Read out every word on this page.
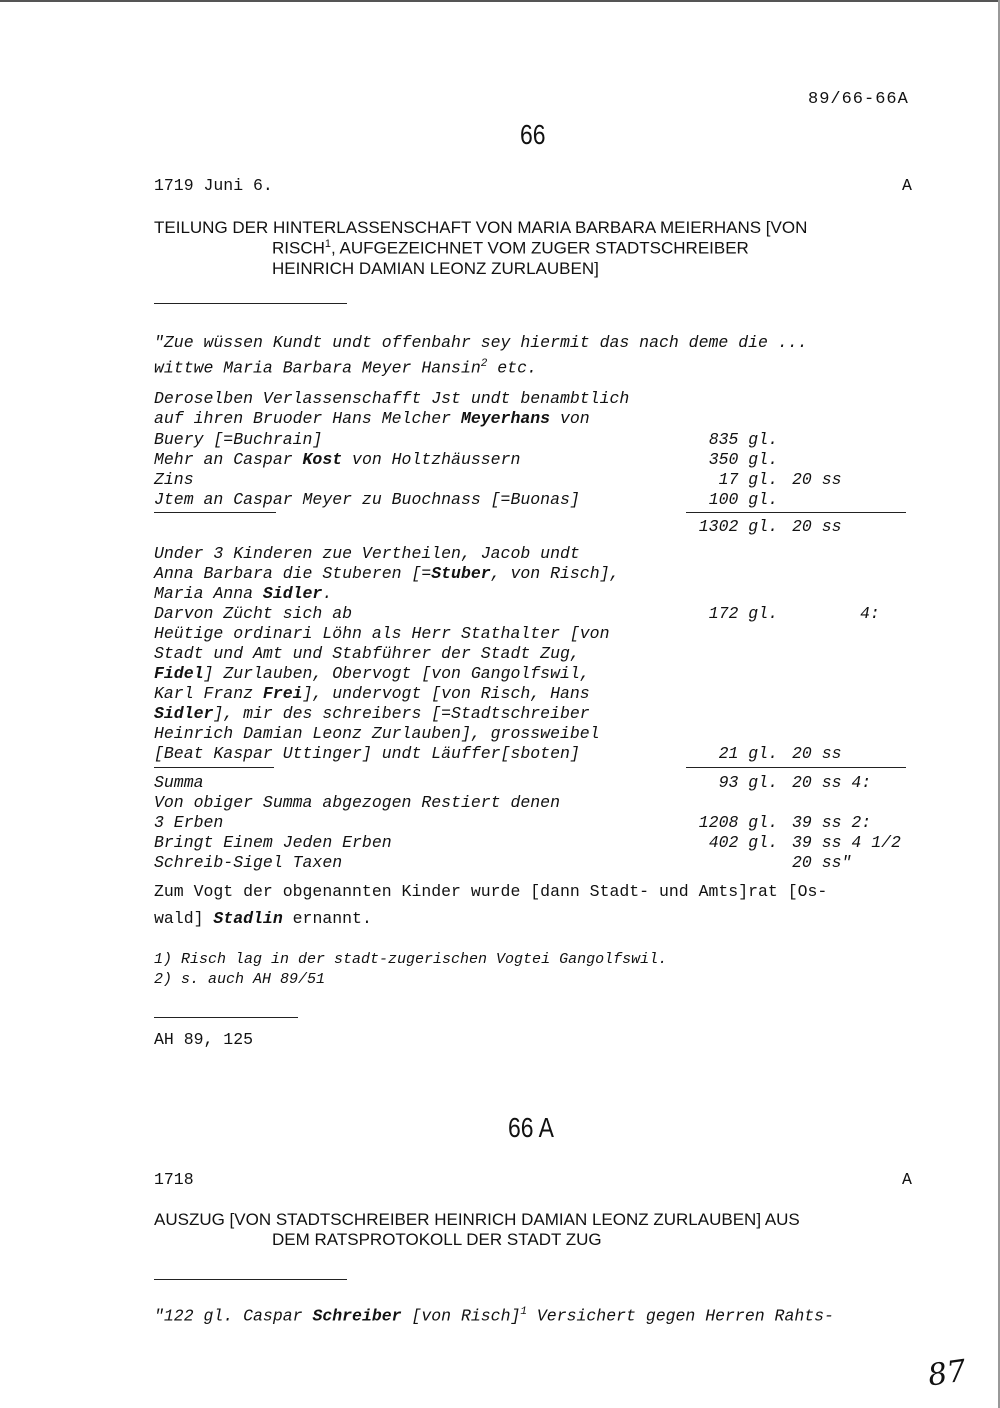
89/66-66A
66
1719 Juni 6.	A
TEILUNG DER HINTERLASSENSCHAFT VON MARIA BARBARA MEIERHANS [VON
RISCH$^1$, AUFGEZEICHNET VOM ZUGER STADTSCHREIBER
HEINRICH DAMIAN LEONZ ZURLAUBEN]
"Zue wüssen Kundt undt offenbahr sey hiermit das nach deme die ...
wittwe Maria Barbara Meyer Hansin$^2$ etc.
Deroselben Verlassenschafft Jst undt benambtlich
auf ihren Bruoder Hans Melcher Meyerhans von
Buery [=Buchrain]	835 gl.
Mehr an Caspar Kost von Holtzhäussern	350 gl.
Zins	17 gl. 20 ss
Jtem an Caspar Meyer zu Buochnass [=Buonas]	100 gl.
1302 gl. 20 ss
Under 3 Kinderen zue Vertheilen, Jacob undt
Anna Barbara die Stuberen [=Stuber, von Risch],
Maria Anna Sidler.
Darvon Zücht sich ab	172 gl.	4:
Heütige ordinari Löhn als Herr Stathalter [von
Stadt und Amt und Stabführer der Stadt Zug,
Fidel] Zurlauben, Obervogt [von Gangolfswil,
Karl Franz Frei], undervogt [von Risch, Hans
Sidler], mir des schreibers [=Stadtschreiber
Heinrich Damian Leonz Zurlauben], grossweibel
[Beat Kaspar Uttinger] undt Läuffer[sboten]	21 gl. 20 ss
Summa	93 gl. 20 ss 4:
Von obiger Summa abgezogen Restiert denen
3 Erben	1208 gl. 39 ss 2:
Bringt Einem Jeden Erben	402 gl. 39 ss 4 1/2
Schreib-Sigel Taxen	20 ss"
Zum Vogt der obgenannten Kinder wurde [dann Stadt- und Amts]rat [Os-
wald] Stadlin ernannt.
1) Risch lag in der stadt-zugerischen Vogtei Gangolfswil.
2) s. auch AH 89/51
AH 89, 125
66 A
1718	A
AUSZUG [VON STADTSCHREIBER HEINRICH DAMIAN LEONZ ZURLAUBEN] AUS
DEM RATSPROTOKOLL DER STADT ZUG
"122 gl. Caspar Schreiber [von Risch]$^1$ Versichert gegen Herren Rahts-
87
